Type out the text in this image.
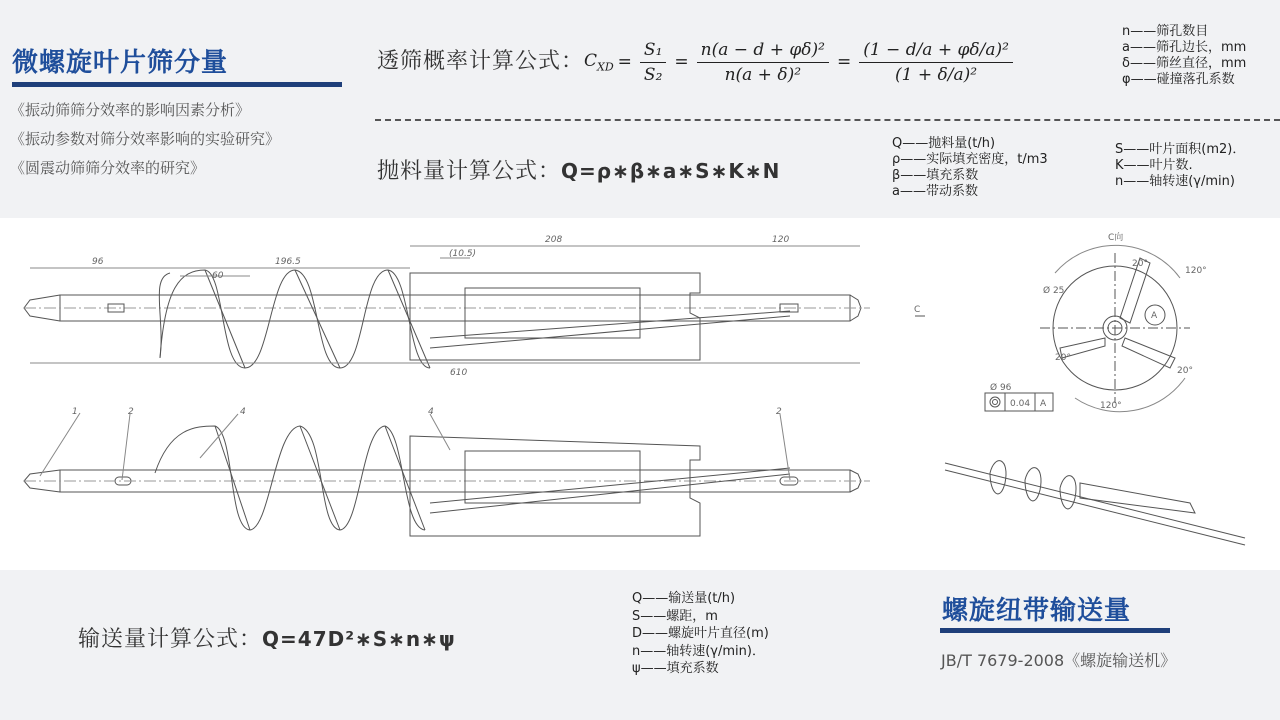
微螺旋叶片筛分量
《振动筛筛分效率的影响因素分析》
《振动参数对筛分效率影响的实验研究》
《圆震动筛筛分效率的研究》
透筛概率计算公式： $C_{XD} = \frac{\text{S₁}}{\text{S₂}} = \frac{\text{n(a − d + φδ)²}}{\text{n(a + δ)²}} = \frac{\text{(1 − d/a + φδ/a)²}}{\text{(1 + δ/a)²}}$
n——筛孔数目
a——筛孔边长，mm
δ——筛丝直径，mm
φ——碰撞落孔系数
抛料量计算公式：Q=ρ∗β∗a∗S∗K∗N
Q——抛料量(t/h)
ρ——实际填充密度，t/m3
β——填充系数
a——带动系数
S——叶片面积(m2)．
K——叶片数.
n——轴转速(γ/min)
96
60
196.5
(10.5)
208	120
610
1	2	4	4	2
C向
Ø 25
A
Ø 96
0.04 A
20°
120°
20°
20°
120°
C
输送量计算公式：Q=47D²∗S∗n∗ψ
Q——输送量(t/h)
S——螺距，m
D——螺旋叶片直径(m)
n——轴转速(γ/min)．
ψ——填充系数
螺旋纽带输送量
JB/T 7679-2008《螺旋输送机》
